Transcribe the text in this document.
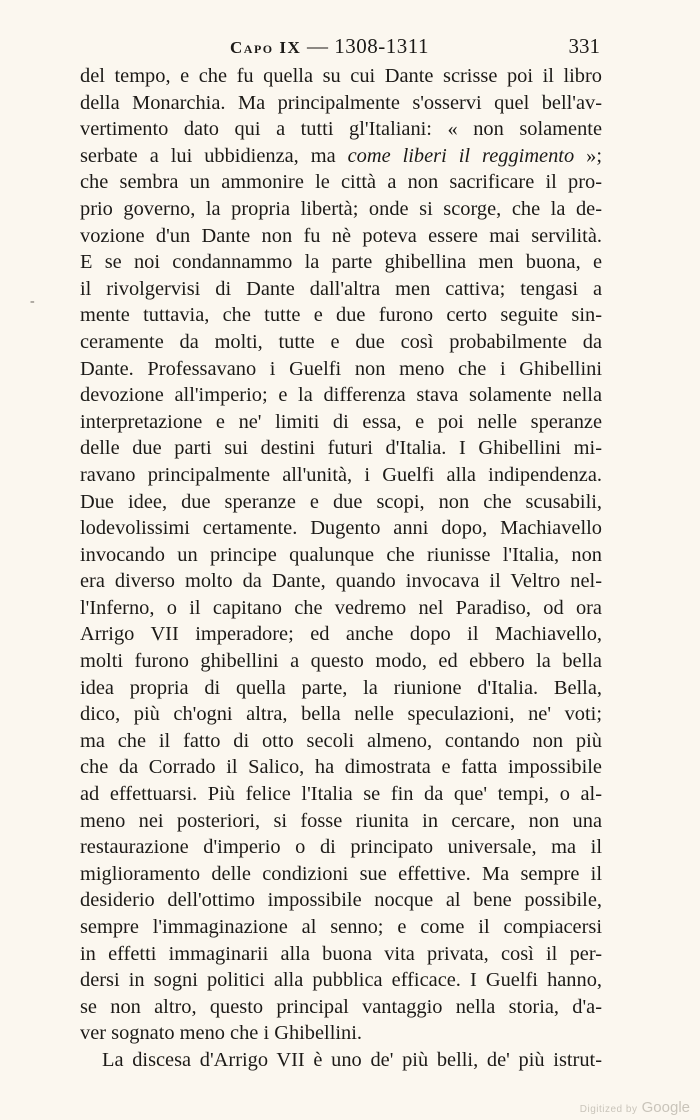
Capo IX — 1308-1311	331
-
del tempo, e che fu quella su cui Dante scrisse poi il libro
della Monarchia. Ma principalmente s'osservi quel bell'av-
vertimento dato qui a tutti gl'Italiani: « non solamente
serbate a lui ubbidienza, ma come liberi il reggimento »;
che sembra un ammonire le città a non sacrificare il pro-
prio governo, la propria libertà; onde si scorge, che la de-
vozione d'un Dante non fu nè poteva essere mai servilità.
E se noi condannammo la parte ghibellina men buona, e
il rivolgervisi di Dante dall'altra men cattiva; tengasi a
mente tuttavia, che tutte e due furono certo seguite sin-
ceramente da molti, tutte e due così probabilmente da
Dante. Professavano i Guelfi non meno che i Ghibellini
devozione all'imperio; e la differenza stava solamente nella
interpretazione e ne' limiti di essa, e poi nelle speranze
delle due parti sui destini futuri d'Italia. I Ghibellini mi-
ravano principalmente all'unità, i Guelfi alla indipendenza.
Due idee, due speranze e due scopi, non che scusabili,
lodevolissimi certamente. Dugento anni dopo, Machiavello
invocando un principe qualunque che riunisse l'Italia, non
era diverso molto da Dante, quando invocava il Veltro nel-
l'Inferno, o il capitano che vedremo nel Paradiso, od ora
Arrigo VII imperadore; ed anche dopo il Machiavello,
molti furono ghibellini a questo modo, ed ebbero la bella
idea propria di quella parte, la riunione d'Italia. Bella,
dico, più ch'ogni altra, bella nelle speculazioni, ne' voti;
ma che il fatto di otto secoli almeno, contando non più
che da Corrado il Salico, ha dimostrata e fatta impossibile
ad effettuarsi. Più felice l'Italia se fin da que' tempi, o al-
meno nei posteriori, si fosse riunita in cercare, non una
restaurazione d'imperio o di principato universale, ma il
miglioramento delle condizioni sue effettive. Ma sempre il
desiderio dell'ottimo impossibile nocque al bene possibile,
sempre l'immaginazione al senno; e come il compiacersi
in effetti immaginarii alla buona vita privata, così il per-
dersi in sogni politici alla pubblica efficace. I Guelfi hanno,
se non altro, questo principal vantaggio nella storia, d'a-
ver sognato meno che i Ghibellini.
La discesa d'Arrigo VII è uno de' più belli, de' più istrut-
Digitized by Google
